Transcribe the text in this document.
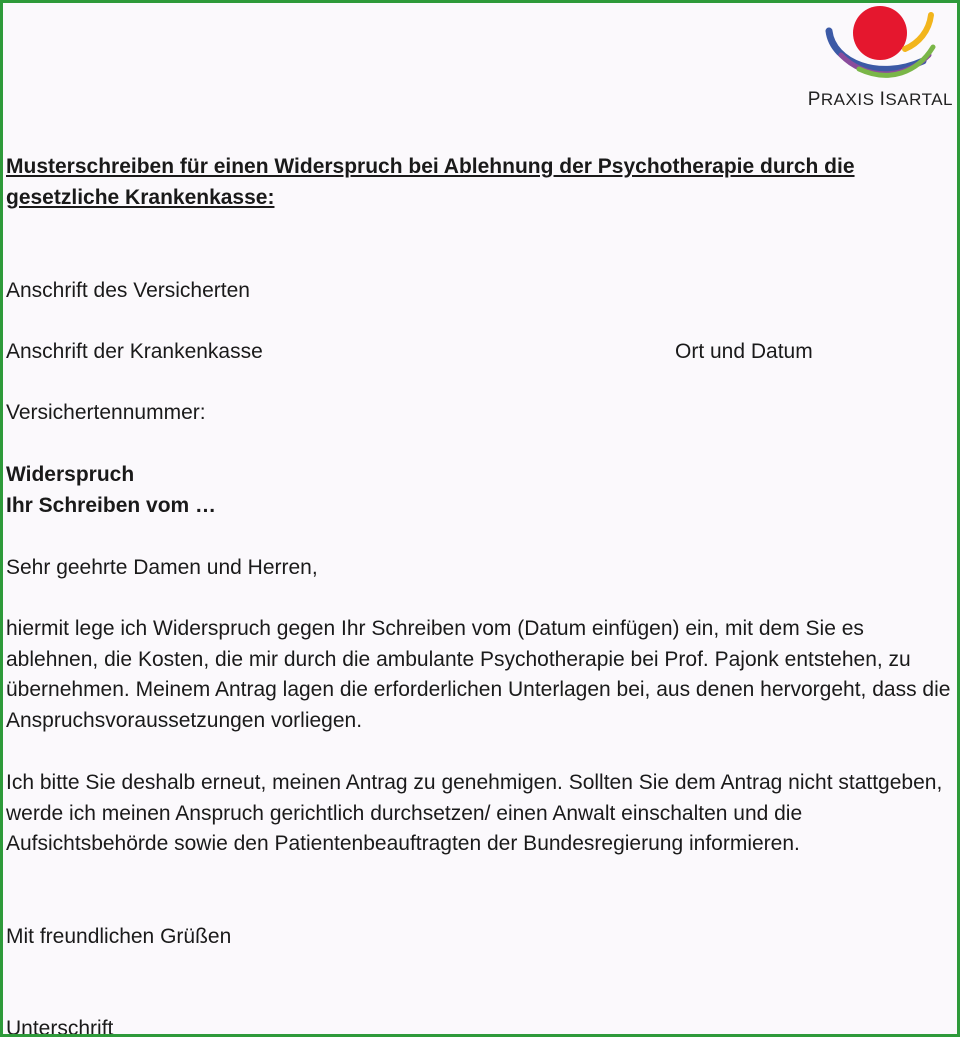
PRAXIS ISARTAL
Musterschreiben für einen Widerspruch bei Ablehnung der Psychotherapie durch die gesetzliche Krankenkasse:
Anschrift des Versicherten
Anschrift der Krankenkasse	Ort und Datum
Versichertennummer:
Widerspruch
Ihr Schreiben vom …
Sehr geehrte Damen und Herren,
hiermit lege ich Widerspruch gegen Ihr Schreiben vom (Datum einfügen) ein, mit dem Sie es ablehnen, die Kosten, die mir durch die ambulante Psychotherapie bei Prof. Pajonk entstehen, zu übernehmen. Meinem Antrag lagen die erforderlichen Unterlagen bei, aus denen hervorgeht, dass die Anspruchsvoraussetzungen vorliegen.
Ich bitte Sie deshalb erneut, meinen Antrag zu genehmigen. Sollten Sie dem Antrag nicht stattgeben, werde ich meinen Anspruch gerichtlich durchsetzen/ einen Anwalt einschalten und die Aufsichtsbehörde sowie den Patientenbeauftragten der Bundesregierung informieren.
Mit freundlichen Grüßen
Unterschrift
